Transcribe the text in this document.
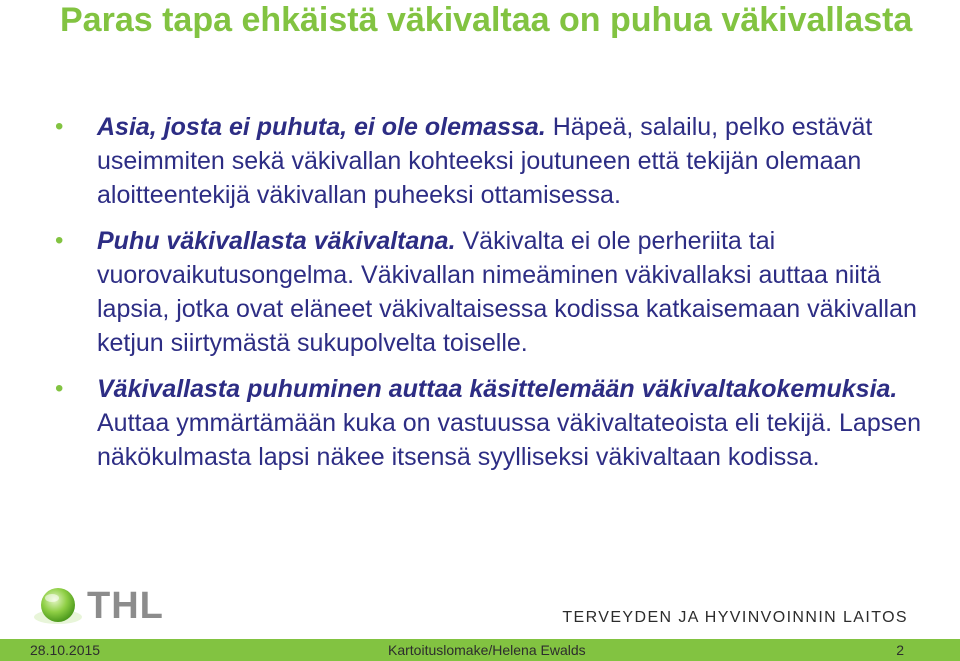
Paras tapa ehkäistä väkivaltaa on puhua väkivallasta
• Asia, josta ei puhuta, ei ole olemassa. Häpeä, salailu, pelko estävät useimmiten sekä väkivallan kohteeksi joutuneen että tekijän olemaan aloitteentekijä väkivallan puheeksi ottamisessa.
• Puhu väkivallasta väkivaltana. Väkivalta ei ole perheriita tai vuorovaikutusongelma. Väkivallan nimeäminen väkivallaksi auttaa niitä lapsia, jotka ovat eläneet väkivaltaisessa kodissa katkaisemaan väkivallan ketjun siirtymästä sukupolvelta toiselle.
• Väkivallasta puhuminen auttaa käsittelemään väkivaltakokemuksia. Auttaa ymmärtämään kuka on vastuussa väkivaltateoista eli tekijä. Lapsen näkökulmasta lapsi näkee itsensä syylliseksi väkivaltaan kodissa.
THL	TERVEYDEN JA HYVINVOINNIN LAITOS
28.10.2015	Kartoituslomake/Helena Ewalds	2
